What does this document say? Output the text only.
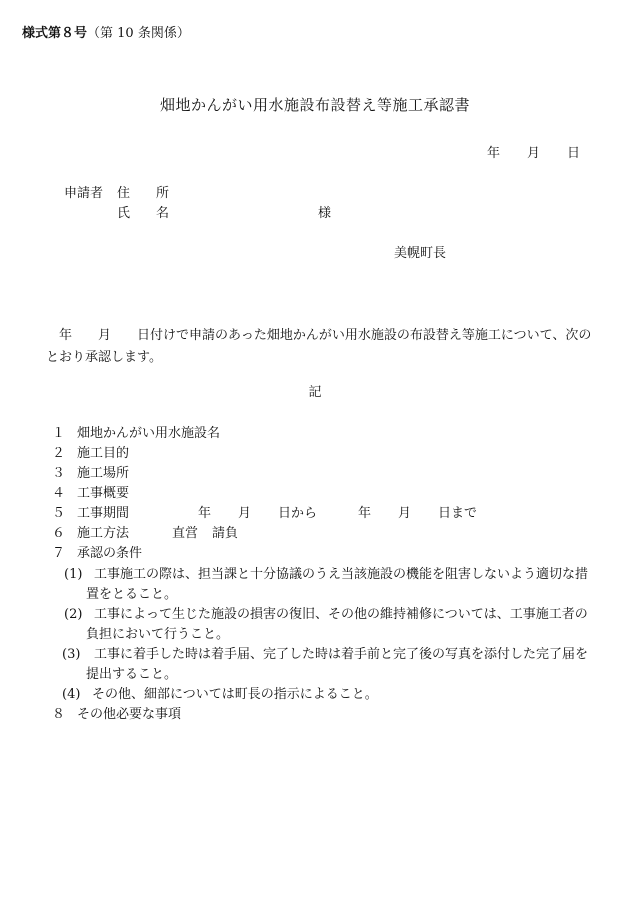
様式第８号（第 10 条関係）
畑地かんがい用水施設布設替え等施工承認書
年 月 日
申請者 住　　所
氏　　名	様
美幌町長
　年　　月　　日付けで申請のあった畑地かんがい用水施設の布設替え等施工について、次の
とおり承認します。
記
１ 畑地かんがい用水施設名
２ 施工目的
３ 施工場所
４ 工事概要
５ 工事期間	年 月 日から	年 月 日まで
６ 施工方法	直営 請負
７ 承認の条件
(1) 工事施工の際は、担当課と十分協議のうえ当該施設の機能を阻害しないよう適切な措
置をとること。
(2) 工事によって生じた施設の損害の復旧、その他の維持補修については、工事施工者の
負担において行うこと。
(3) 工事に着手した時は着手届、完了した時は着手前と完了後の写真を添付した完了届を
提出すること。
(4) その他、細部については町長の指示によること。
８ その他必要な事項
